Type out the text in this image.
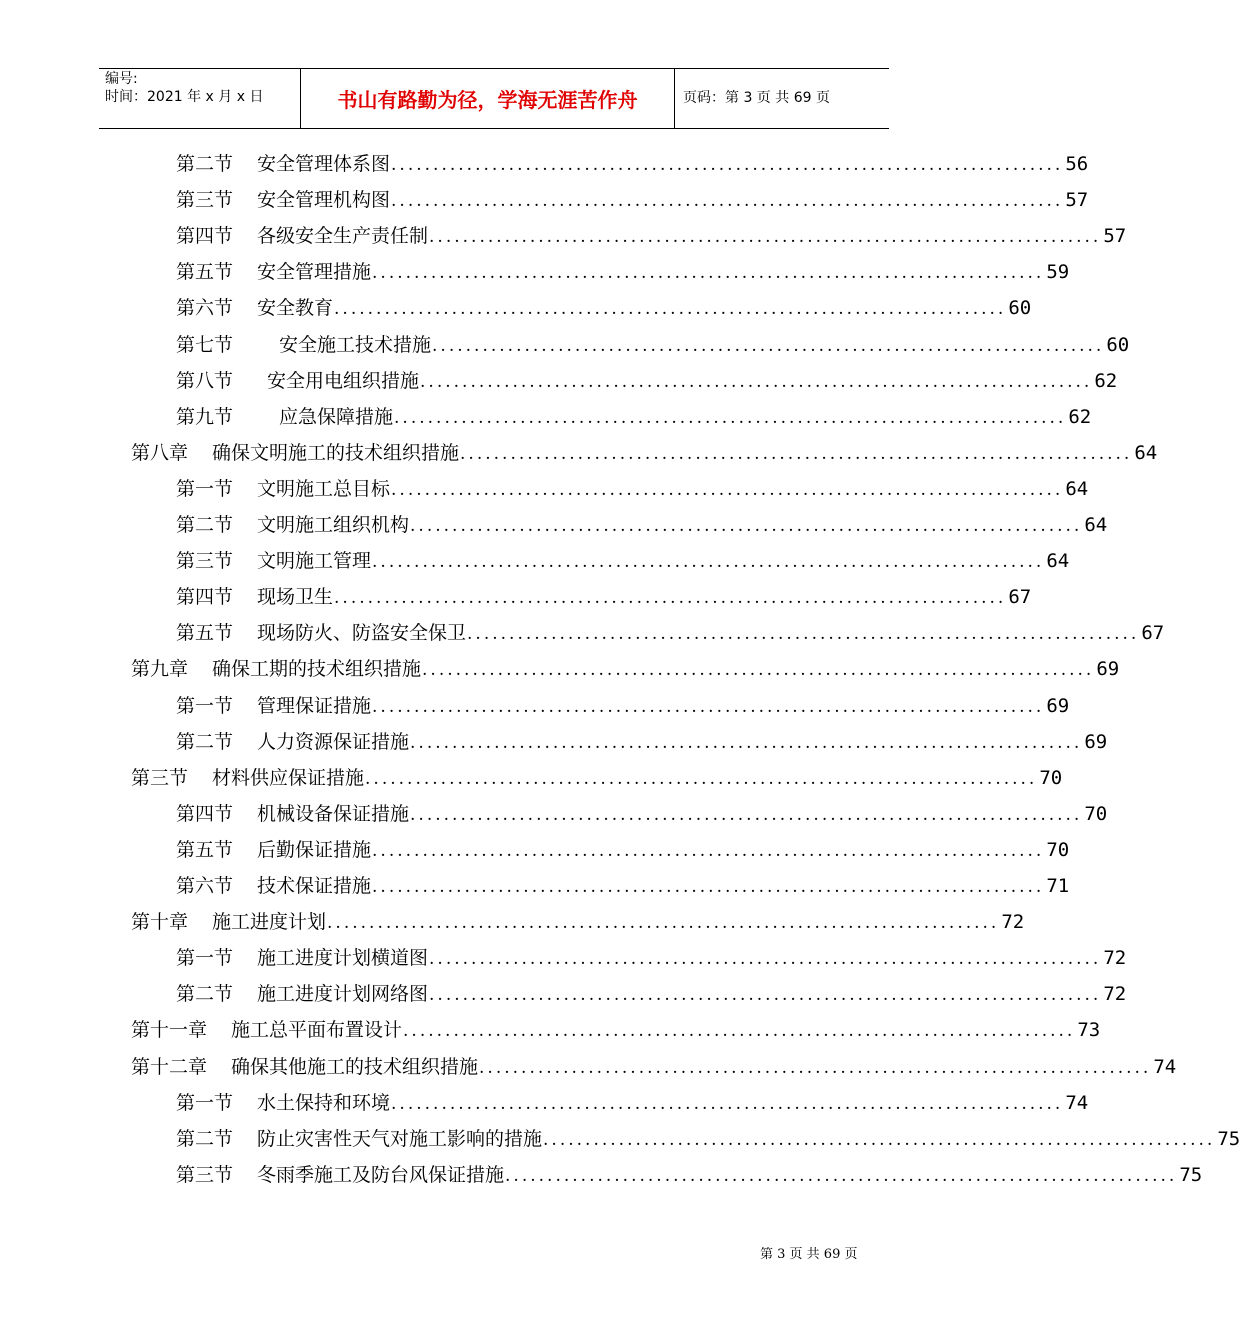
编号:
时间：2021 年 x 月 x 日	书山有路勤为径，学海无涯苦作舟	页码：第 3 页 共 69 页
第二节 安全管理体系图 ................................................................................ 56
第三节 安全管理机构图 ................................................................................ 57
第四节 各级安全生产责任制 ................................................................................ 57
第五节 安全管理措施 ................................................................................ 59
第六节 安全教育 ................................................................................ 60
第七节 安全施工技术措施 ................................................................................ 60
第八节 安全用电组织措施 ................................................................................ 62
第九节 应急保障措施 ................................................................................ 62
第八章 确保文明施工的技术组织措施 ................................................................................ 64
第一节 文明施工总目标 ................................................................................ 64
第二节 文明施工组织机构 ................................................................................ 64
第三节 文明施工管理 ................................................................................ 64
第四节 现场卫生 ................................................................................ 67
第五节 现场防火、防盗安全保卫 ................................................................................ 67
第九章 确保工期的技术组织措施 ................................................................................ 69
第一节 管理保证措施 ................................................................................ 69
第二节 人力资源保证措施 ................................................................................ 69
第三节 材料供应保证措施 ................................................................................ 70
第四节 机械设备保证措施 ................................................................................ 70
第五节 后勤保证措施 ................................................................................ 70
第六节 技术保证措施 ................................................................................ 71
第十章 施工进度计划 ................................................................................ 72
第一节 施工进度计划横道图 ................................................................................ 72
第二节 施工进度计划网络图 ................................................................................ 72
第十一章 施工总平面布置设计 ................................................................................ 73
第十二章 确保其他施工的技术组织措施 ................................................................................ 74
第一节 水土保持和环境 ................................................................................ 74
第二节 防止灾害性天气对施工影响的措施 ................................................................................ 75
第三节 冬雨季施工及防台风保证措施 ................................................................................ 75
第 3 页 共 69 页
